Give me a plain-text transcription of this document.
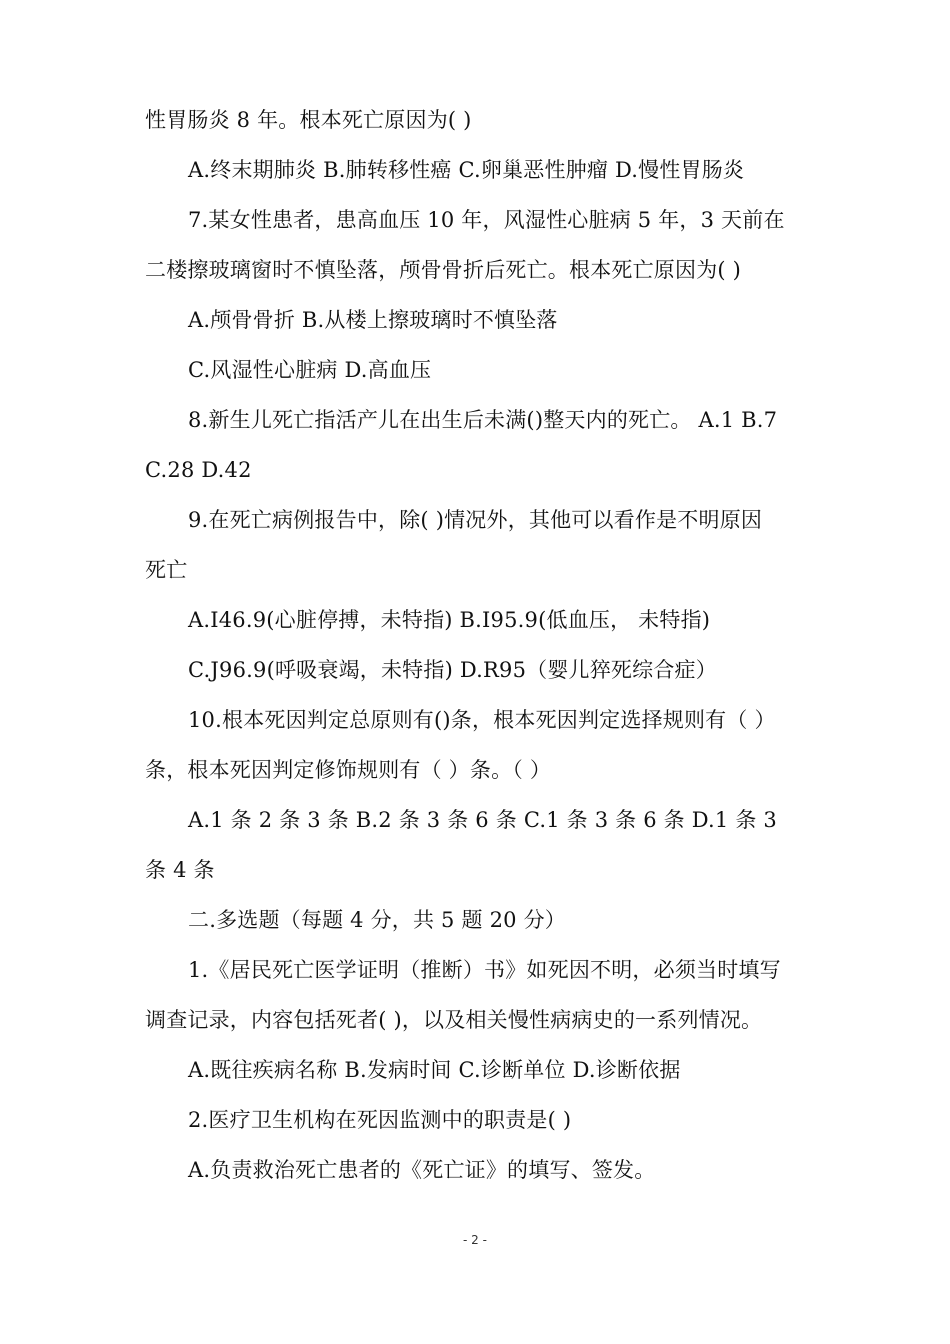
性胃肠炎 8 年。根本死亡原因为( )
A.终末期肺炎 B.肺转移性癌 C.卵巢恶性肿瘤 D.慢性胃肠炎
7.某女性患者，患高血压 10 年，风湿性心脏病 5 年，3 天前在
二楼擦玻璃窗时不慎坠落，颅骨骨折后死亡。根本死亡原因为( )
A.颅骨骨折 B.从楼上擦玻璃时不慎坠落
C.风湿性心脏病 D.高血压
8.新生儿死亡指活产儿在出生后未满()整天内的死亡。 A.1 B.7
C.28 D.42
9.在死亡病例报告中，除( )情况外，其他可以看作是不明原因
死亡
A.I46.9(心脏停搏，未特指) B.I95.9(低血压， 未特指)
C.J96.9(呼吸衰竭，未特指) D.R95（婴儿猝死综合症）
10.根本死因判定总原则有()条，根本死因判定选择规则有（ ）
条，根本死因判定修饰规则有（ ）条。（ ）
A.1 条 2 条 3 条 B.2 条 3 条 6 条 C.1 条 3 条 6 条 D.1 条 3
条 4 条
二.多选题（每题 4 分，共 5 题 20 分）
1.《居民死亡医学证明（推断）书》如死因不明，必须当时填写
调查记录，内容包括死者( )，以及相关慢性病病史的一系列情况。
A.既往疾病名称 B.发病时间 C.诊断单位 D.诊断依据
2.医疗卫生机构在死因监测中的职责是( )
A.负责救治死亡患者的《死亡证》的填写、签发。
- 2 -
